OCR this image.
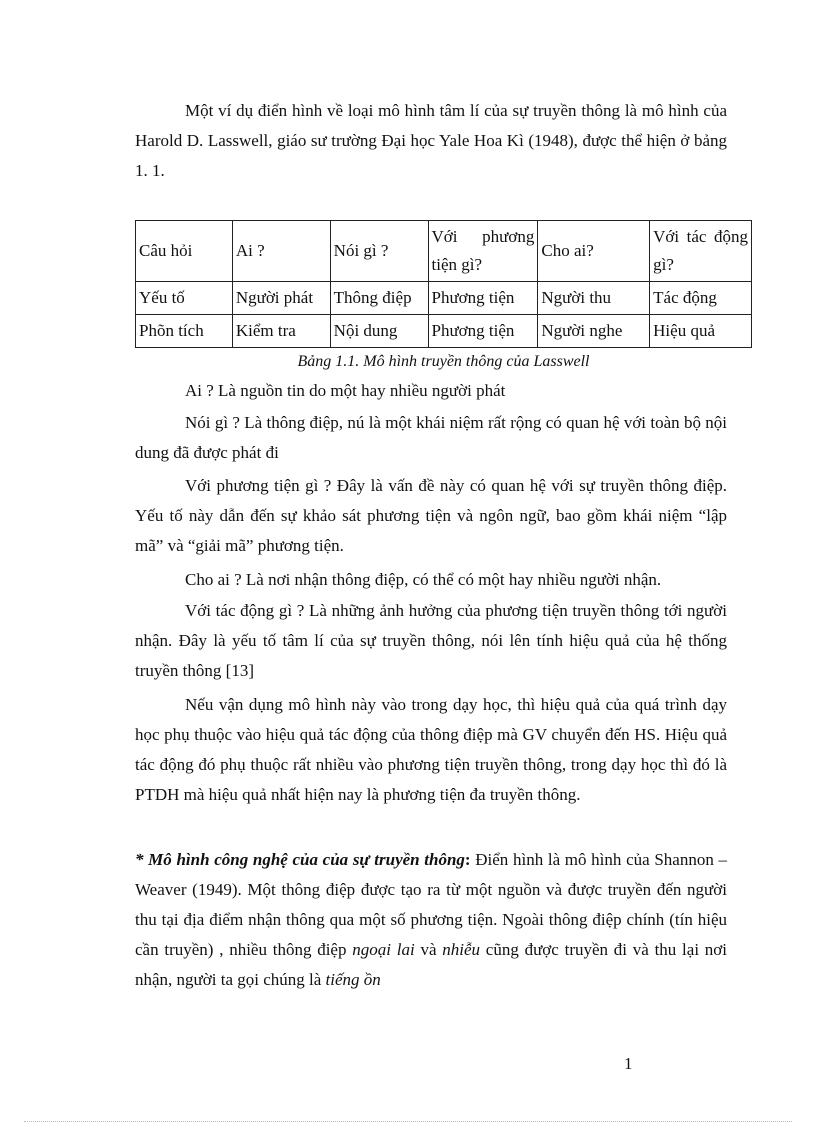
Một ví dụ điển hình về loại mô hình tâm lí của sự truyền thông là mô hình của Harold D. Lasswell, giáo sư trường Đại học Yale Hoa Kì (1948), được thể hiện ở bảng 1. 1.

Câu hỏi	Ai ?	Nói gì ?	Với phương tiện gì?	Cho ai?	Với tác động gì?
Yếu tố	Người phát	Thông điệp	Phương tiện	Người thu	Tác động
Phõn tích	Kiểm tra	Nội dung	Phương tiện	Người nghe	Hiệu quả
Bảng 1.1. Mô hình truyền thông của Lasswell

Ai ? Là nguồn tin do một hay nhiều người phát

Nói gì ? Là thông điệp, nú là một khái niệm rất rộng có quan hệ với toàn bộ nội dung đã được phát đi

Với phương tiện gì ? Đây là vấn đề này có quan hệ với sự truyền thông điệp. Yếu tố này dẫn đến sự khảo sát phương tiện và ngôn ngữ, bao gồm khái niệm “lập mã” và “giải mã” phương tiện.

Cho ai ? Là nơi nhận thông điệp, có thể có một hay nhiều người nhận.

Với tác động gì ? Là những ảnh hưởng của phương tiện truyền thông tới người nhận. Đây là yếu tố tâm lí của sự truyền thông, nói lên tính hiệu quả của hệ thống truyền thông [13]

Nếu vận dụng mô hình này vào trong dạy học, thì hiệu quả của quá trình dạy học phụ thuộc vào hiệu quả tác động của thông điệp mà GV chuyển đến HS. Hiệu quả tác động đó phụ thuộc rất nhiều vào phương tiện truyền thông, trong dạy học thì đó là PTDH mà hiệu quả nhất hiện nay là phương tiện đa truyền thông.

* Mô hình công nghệ của của sự truyền thông: Điển hình là mô hình của Shannon – Weaver (1949). Một thông điệp được tạo ra từ một nguồn và được truyền đến người thu tại địa điểm nhận thông qua một số phương tiện. Ngoài thông điệp chính (tín hiệu cần truyền) , nhiều thông điệp ngoại lai và nhiễu cũng được truyền đi và thu lại nơi nhận, người ta gọi chúng là tiếng ồn

1
